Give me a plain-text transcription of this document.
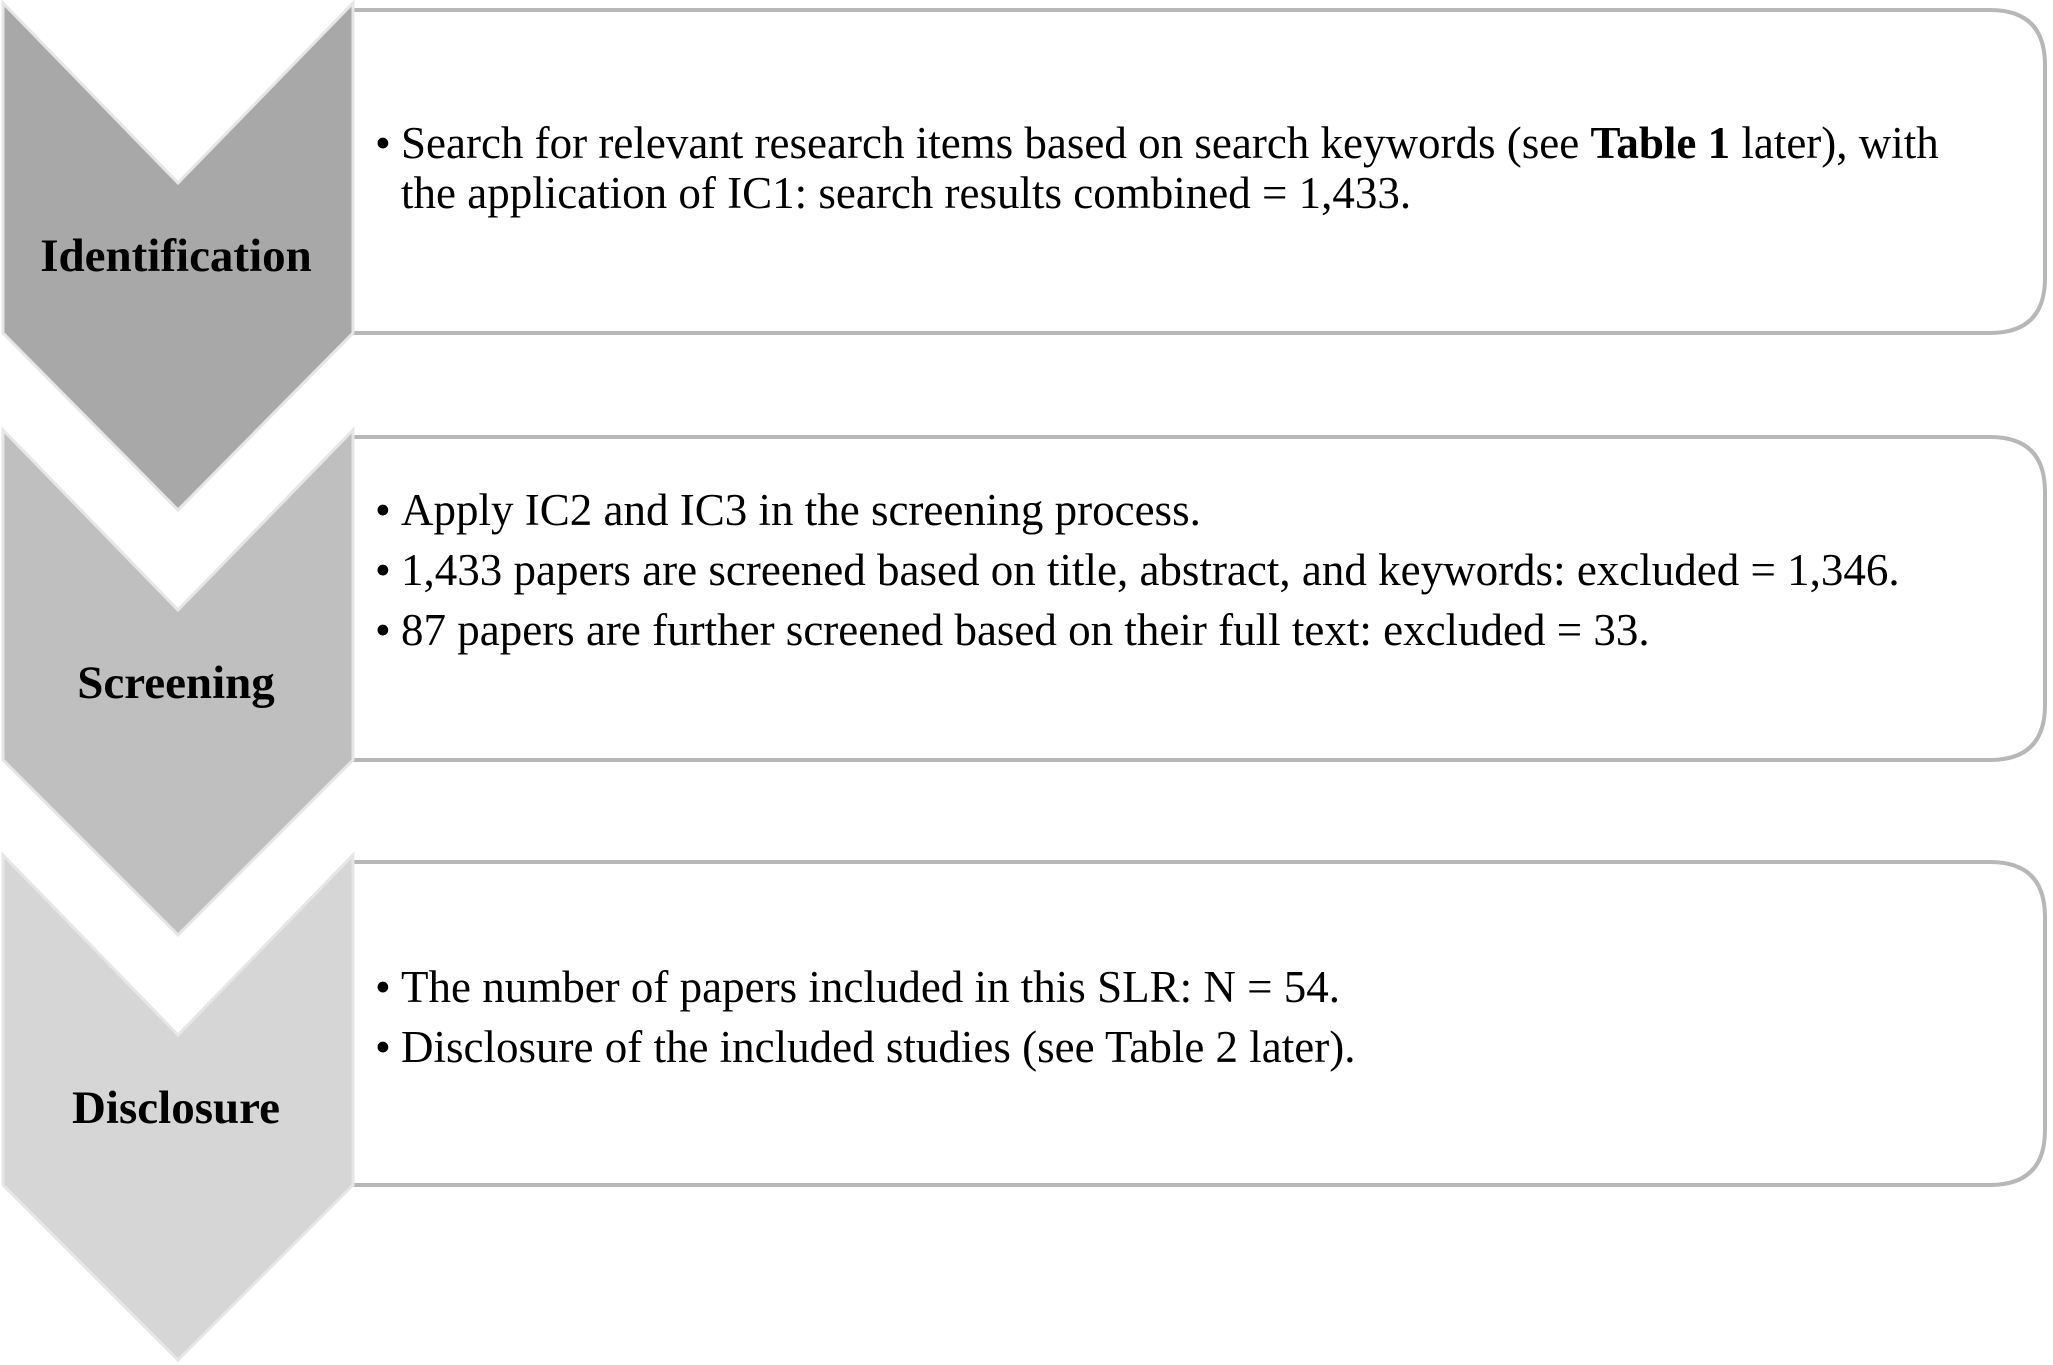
Identification
Screening
Disclosure
• Search for relevant research items based on search keywords (see Table 1 later), with the application of IC1: search results combined = 1,433.
• Apply IC2 and IC3 in the screening process.
• 1,433 papers are screened based on title, abstract, and keywords: excluded = 1,346.
• 87 papers are further screened based on their full text: excluded = 33.
• The number of papers included in this SLR: N = 54.
• Disclosure of the included studies (see Table 2 later).
